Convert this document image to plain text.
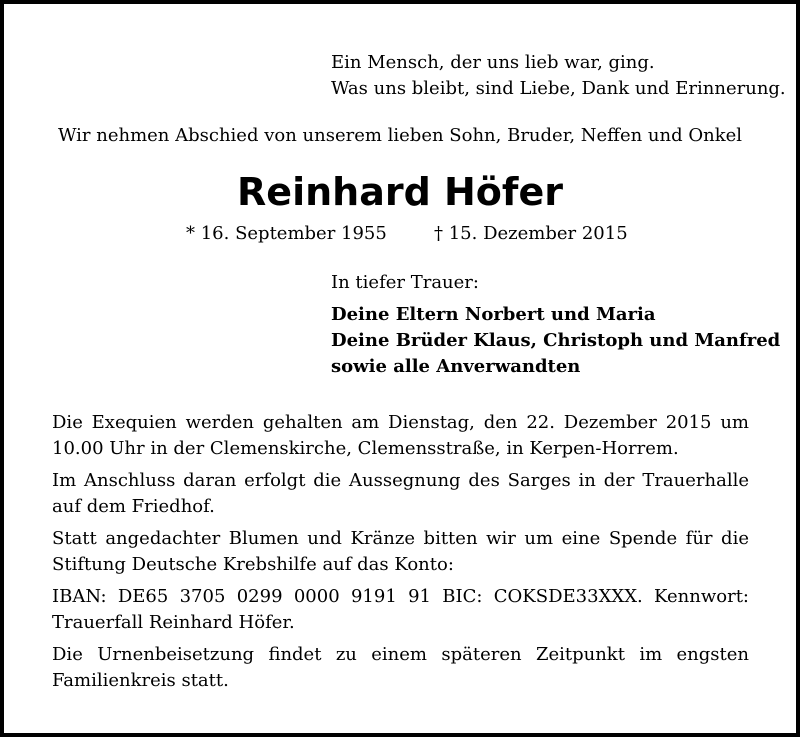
Ein Mensch, der uns lieb war, ging.
Was uns bleibt, sind Liebe, Dank und Erinnerung.
Wir nehmen Abschied von unserem lieben Sohn, Bruder, Neffen und Onkel
Reinhard Höfer
* 16. September 1955	† 15. Dezember 2015
In tiefer Trauer:
Deine Eltern Norbert und Maria
Deine Brüder Klaus, Christoph und Manfred
sowie alle Anverwandten
Die Exequien werden gehalten am Dienstag, den 22. Dezember 2015 um 10.00 Uhr in der Clemenskirche, Clemensstraße, in Kerpen-Horrem.
Im Anschluss daran erfolgt die Aussegnung des Sarges in der Trauerhalle auf dem Friedhof.
Statt angedachter Blumen und Kränze bitten wir um eine Spende für die Stiftung Deutsche Krebshilfe auf das Konto:
IBAN: DE65 3705 0299 0000 9191 91 BIC: COKSDE33XXX. Kennwort: Trauerfall Reinhard Höfer.
Die Urnenbeisetzung findet zu einem späteren Zeitpunkt im engsten Familienkreis statt.
